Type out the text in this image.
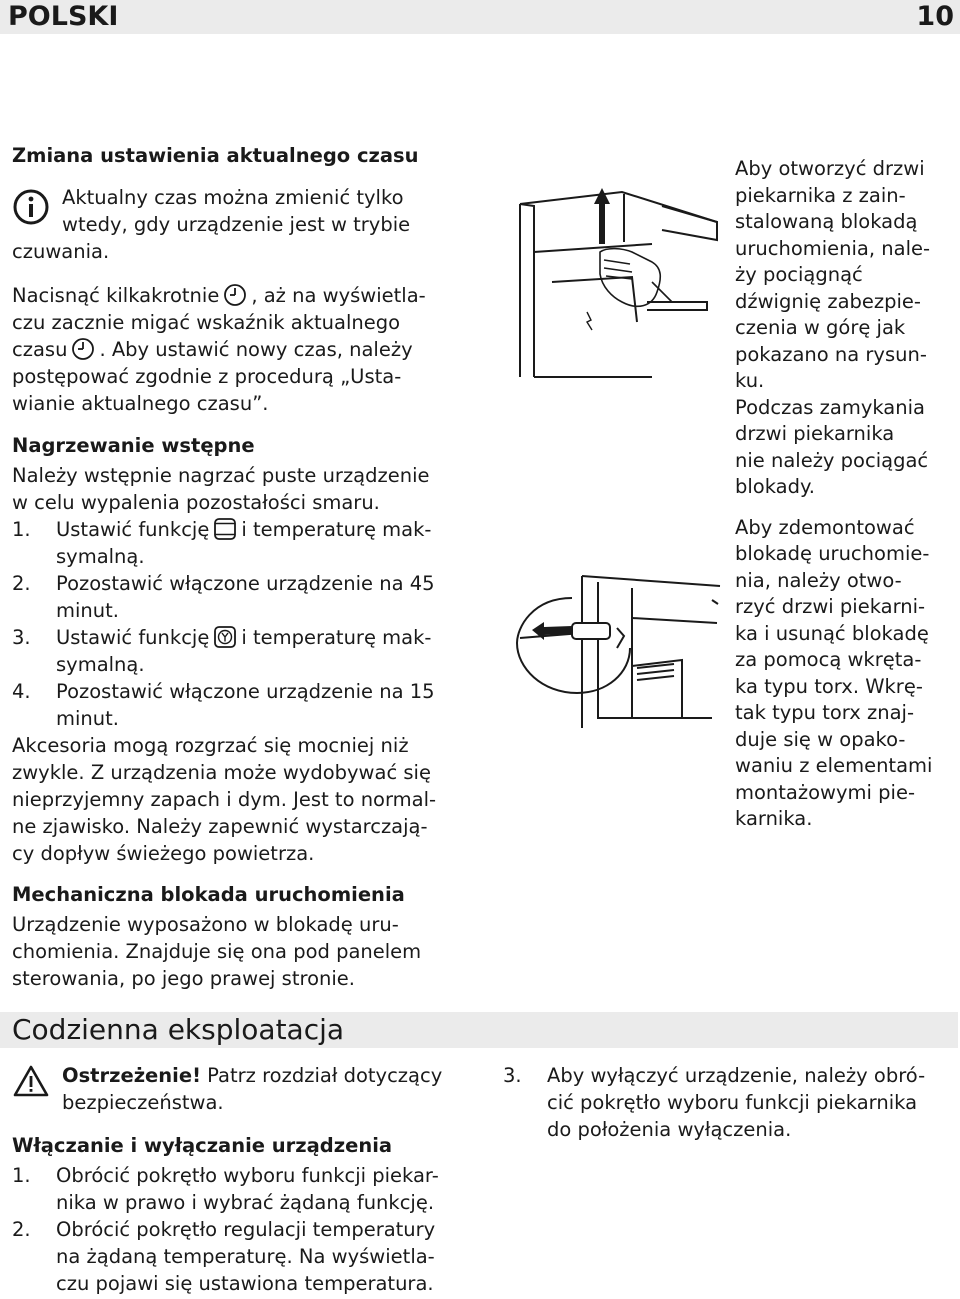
POLSKI	10

Zmiana ustawienia aktualnego czasu

Aktualny czas można zmienić tylko

wtedy, gdy urządzenie jest w trybie

czuwania.

Nacisnąć kilkakrotnie , aż na wyświetla-

czu zacznie migać wskaźnik aktualnego

czasu . Aby ustawić nowy czas, należy

postępować zgodnie z procedurą „Usta-

wianie aktualnego czasu”.

Nagrzewanie wstępne

Należy wstępnie nagrzać puste urządzenie

w celu wypalenia pozostałości smaru.

1. Ustawić funkcję i temperaturę mak-
symalną.
2. Pozostawić włączone urządzenie na 45
minut.
3. Ustawić funkcję i temperaturę mak-
symalną.
4. Pozostawić włączone urządzenie na 15
minut.

Akcesoria mogą rozgrzać się mocniej niż

zwykle. Z urządzenia może wydobywać się

nieprzyjemny zapach i dym. Jest to normal-

ne zjawisko. Należy zapewnić wystarczają-

cy dopływ świeżego powietrza.

Mechaniczna blokada uruchomienia

Urządzenie wyposażono w blokadę uru-

chomienia. Znajduje się ona pod panelem

sterowania, po jego prawej stronie.

Aby otworzyć drzwi

piekarnika z zain-

stalowaną blokadą

uruchomienia, nale-

ży pociągnąć

dźwignię zabezpie-

czenia w górę jak

pokazano na rysun-

ku.

Podczas zamykania

drzwi piekarnika

nie należy pociągać

blokady.

Aby zdemontować

blokadę uruchomie-

nia, należy otwo-

rzyć drzwi piekarni-

ka i usunąć blokadę

za pomocą wkręta-

ka typu torx. Wkrę-

tak typu torx znaj-

duje się w opako-

waniu z elementami

montażowymi pie-

karnika.

Codzienna eksploatacja

Ostrzeżenie! Patrz rozdział dotyczący

bezpieczeństwa.

Włączanie i wyłączanie urządzenia

1. Obrócić pokrętło wyboru funkcji piekar-
nika w prawo i wybrać żądaną funkcję.
2. Obrócić pokrętło regulacji temperatury
na żądaną temperaturę. Na wyświetla-
czu pojawi się ustawiona temperatura.
3. Aby wyłączyć urządzenie, należy obró-
cić pokrętło wyboru funkcji piekarnika
do położenia wyłączenia.
